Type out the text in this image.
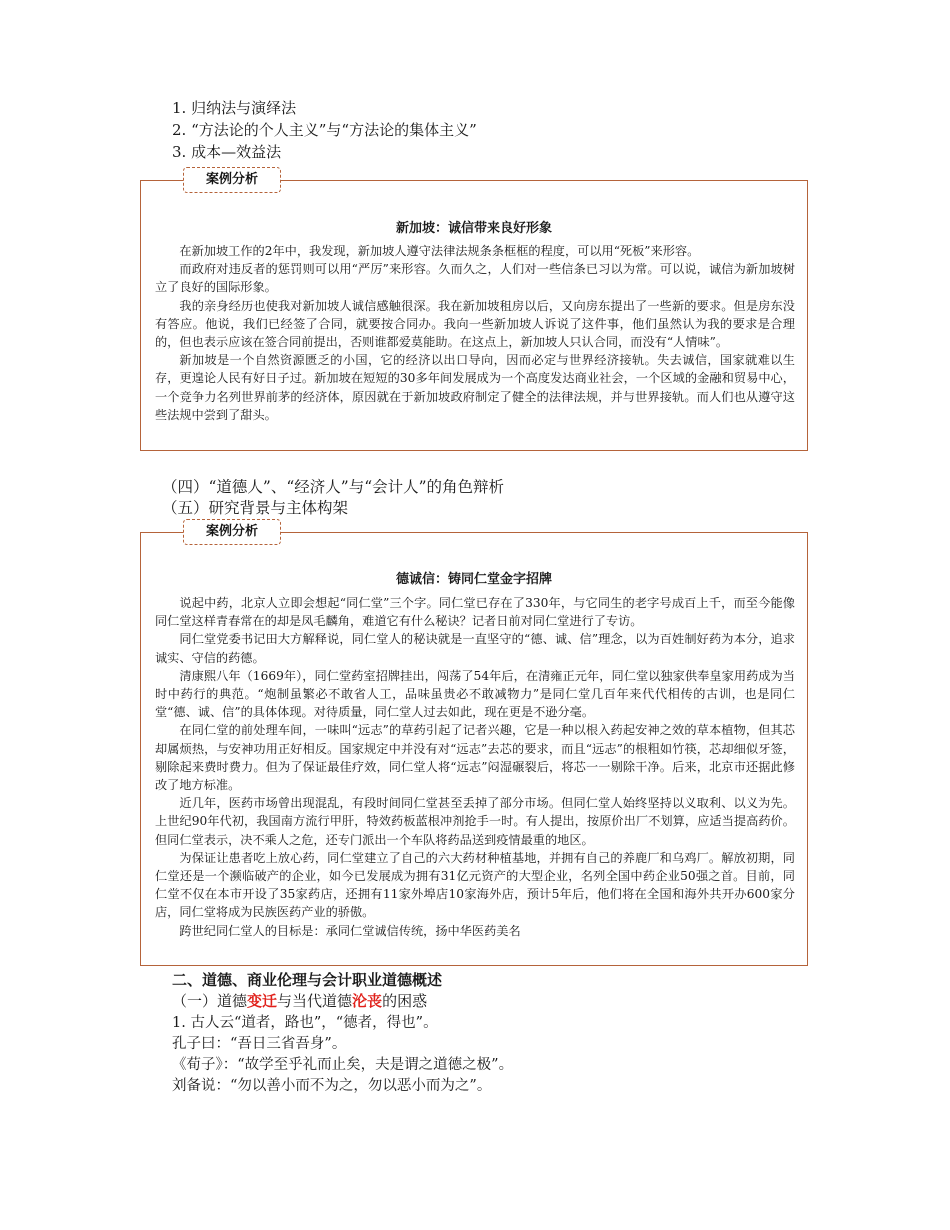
1. 归纳法与演绎法
2. “方法论的个人主义”与“方法论的集体主义”
3. 成本—效益法
案例分析
新加坡：诚信带来良好形象

在新加坡工作的2年中，我发现，新加坡人遵守法律法规条条框框的程度，可以用“死板”来形容。

而政府对违反者的惩罚则可以用“严厉”来形容。久而久之，人们对一些信条已习以为常。可以说，诚信为新加坡树立了良好的国际形象。

我的亲身经历也使我对新加坡人诚信感触很深。我在新加坡租房以后，又向房东提出了一些新的要求。但是房东没有答应。他说，我们已经签了合同，就要按合同办。我向一些新加坡人诉说了这件事，他们虽然认为我的要求是合理的，但也表示应该在签合同前提出，否则谁都爱莫能助。在这点上，新加坡人只认合同，而没有“人情味”。

新加坡是一个自然资源匮乏的小国，它的经济以出口导向，因而必定与世界经济接轨。失去诚信，国家就难以生存，更遑论人民有好日子过。新加坡在短短的30多年间发展成为一个高度发达商业社会，一个区域的金融和贸易中心，一个竞争力名列世界前茅的经济体，原因就在于新加坡政府制定了健全的法律法规，并与世界接轨。而人们也从遵守这些法规中尝到了甜头。

（四）“道德人”、“经济人”与“会计人”的角色辩析
（五）研究背景与主体构架
案例分析
德诚信：铸同仁堂金字招牌

说起中药，北京人立即会想起“同仁堂”三个字。同仁堂已存在了330年，与它同生的老字号成百上千，而至今能像同仁堂这样青春常在的却是凤毛麟角，难道它有什么秘诀？记者日前对同仁堂进行了专访。

同仁堂党委书记田大方解释说，同仁堂人的秘诀就是一直坚守的“德、诚、信”理念，以为百姓制好药为本分，追求诚实、守信的药德。

清康熙八年（1669年），同仁堂药室招牌挂出，闯荡了54年后，在清雍正元年，同仁堂以独家供奉皇家用药成为当时中药行的典范。“炮制虽繁必不敢省人工，品味虽贵必不敢减物力”是同仁堂几百年来代代相传的古训，也是同仁堂“德、诚、信”的具体体现。对待质量，同仁堂人过去如此，现在更是不逊分毫。

在同仁堂的前处理车间，一味叫“远志”的草药引起了记者兴趣，它是一种以根入药起安神之效的草本植物，但其芯却属烦热，与安神功用正好相反。国家规定中并没有对“远志”去芯的要求，而且“远志”的根粗如竹筷，芯却细似牙签，剔除起来费时费力。但为了保证最佳疗效，同仁堂人将“远志”闷湿碾裂后，将芯一一剔除干净。后来，北京市还据此修改了地方标准。

近几年，医药市场曾出现混乱，有段时间同仁堂甚至丢掉了部分市场。但同仁堂人始终坚持以义取利、以义为先。上世纪90年代初，我国南方流行甲肝，特效药板蓝根冲剂抢手一时。有人提出，按原价出厂不划算，应适当提高药价。但同仁堂表示，决不乘人之危，还专门派出一个车队将药品送到疫情最重的地区。

为保证让患者吃上放心药，同仁堂建立了自己的六大药材种植基地，并拥有自己的养鹿厂和乌鸡厂。解放初期，同仁堂还是一个濒临破产的企业，如今已发展成为拥有31亿元资产的大型企业，名列全国中药企业50强之首。目前，同仁堂不仅在本市开设了35家药店，还拥有11家外埠店10家海外店，预计5年后，他们将在全国和海外共开办600家分店，同仁堂将成为民族医药产业的骄傲。

跨世纪同仁堂人的目标是：承同仁堂诚信传统，扬中华医药美名

二、道德、商业伦理与会计职业道德概述
（一）道德变迁与当代道德沦丧的困惑
1. 古人云“道者，路也”，“德者，得也”。
孔子曰：“吾日三省吾身”。
《荀子》：“故学至乎礼而止矣，夫是谓之道德之极”。
刘备说：“勿以善小而不为之，勿以恶小而为之”。
